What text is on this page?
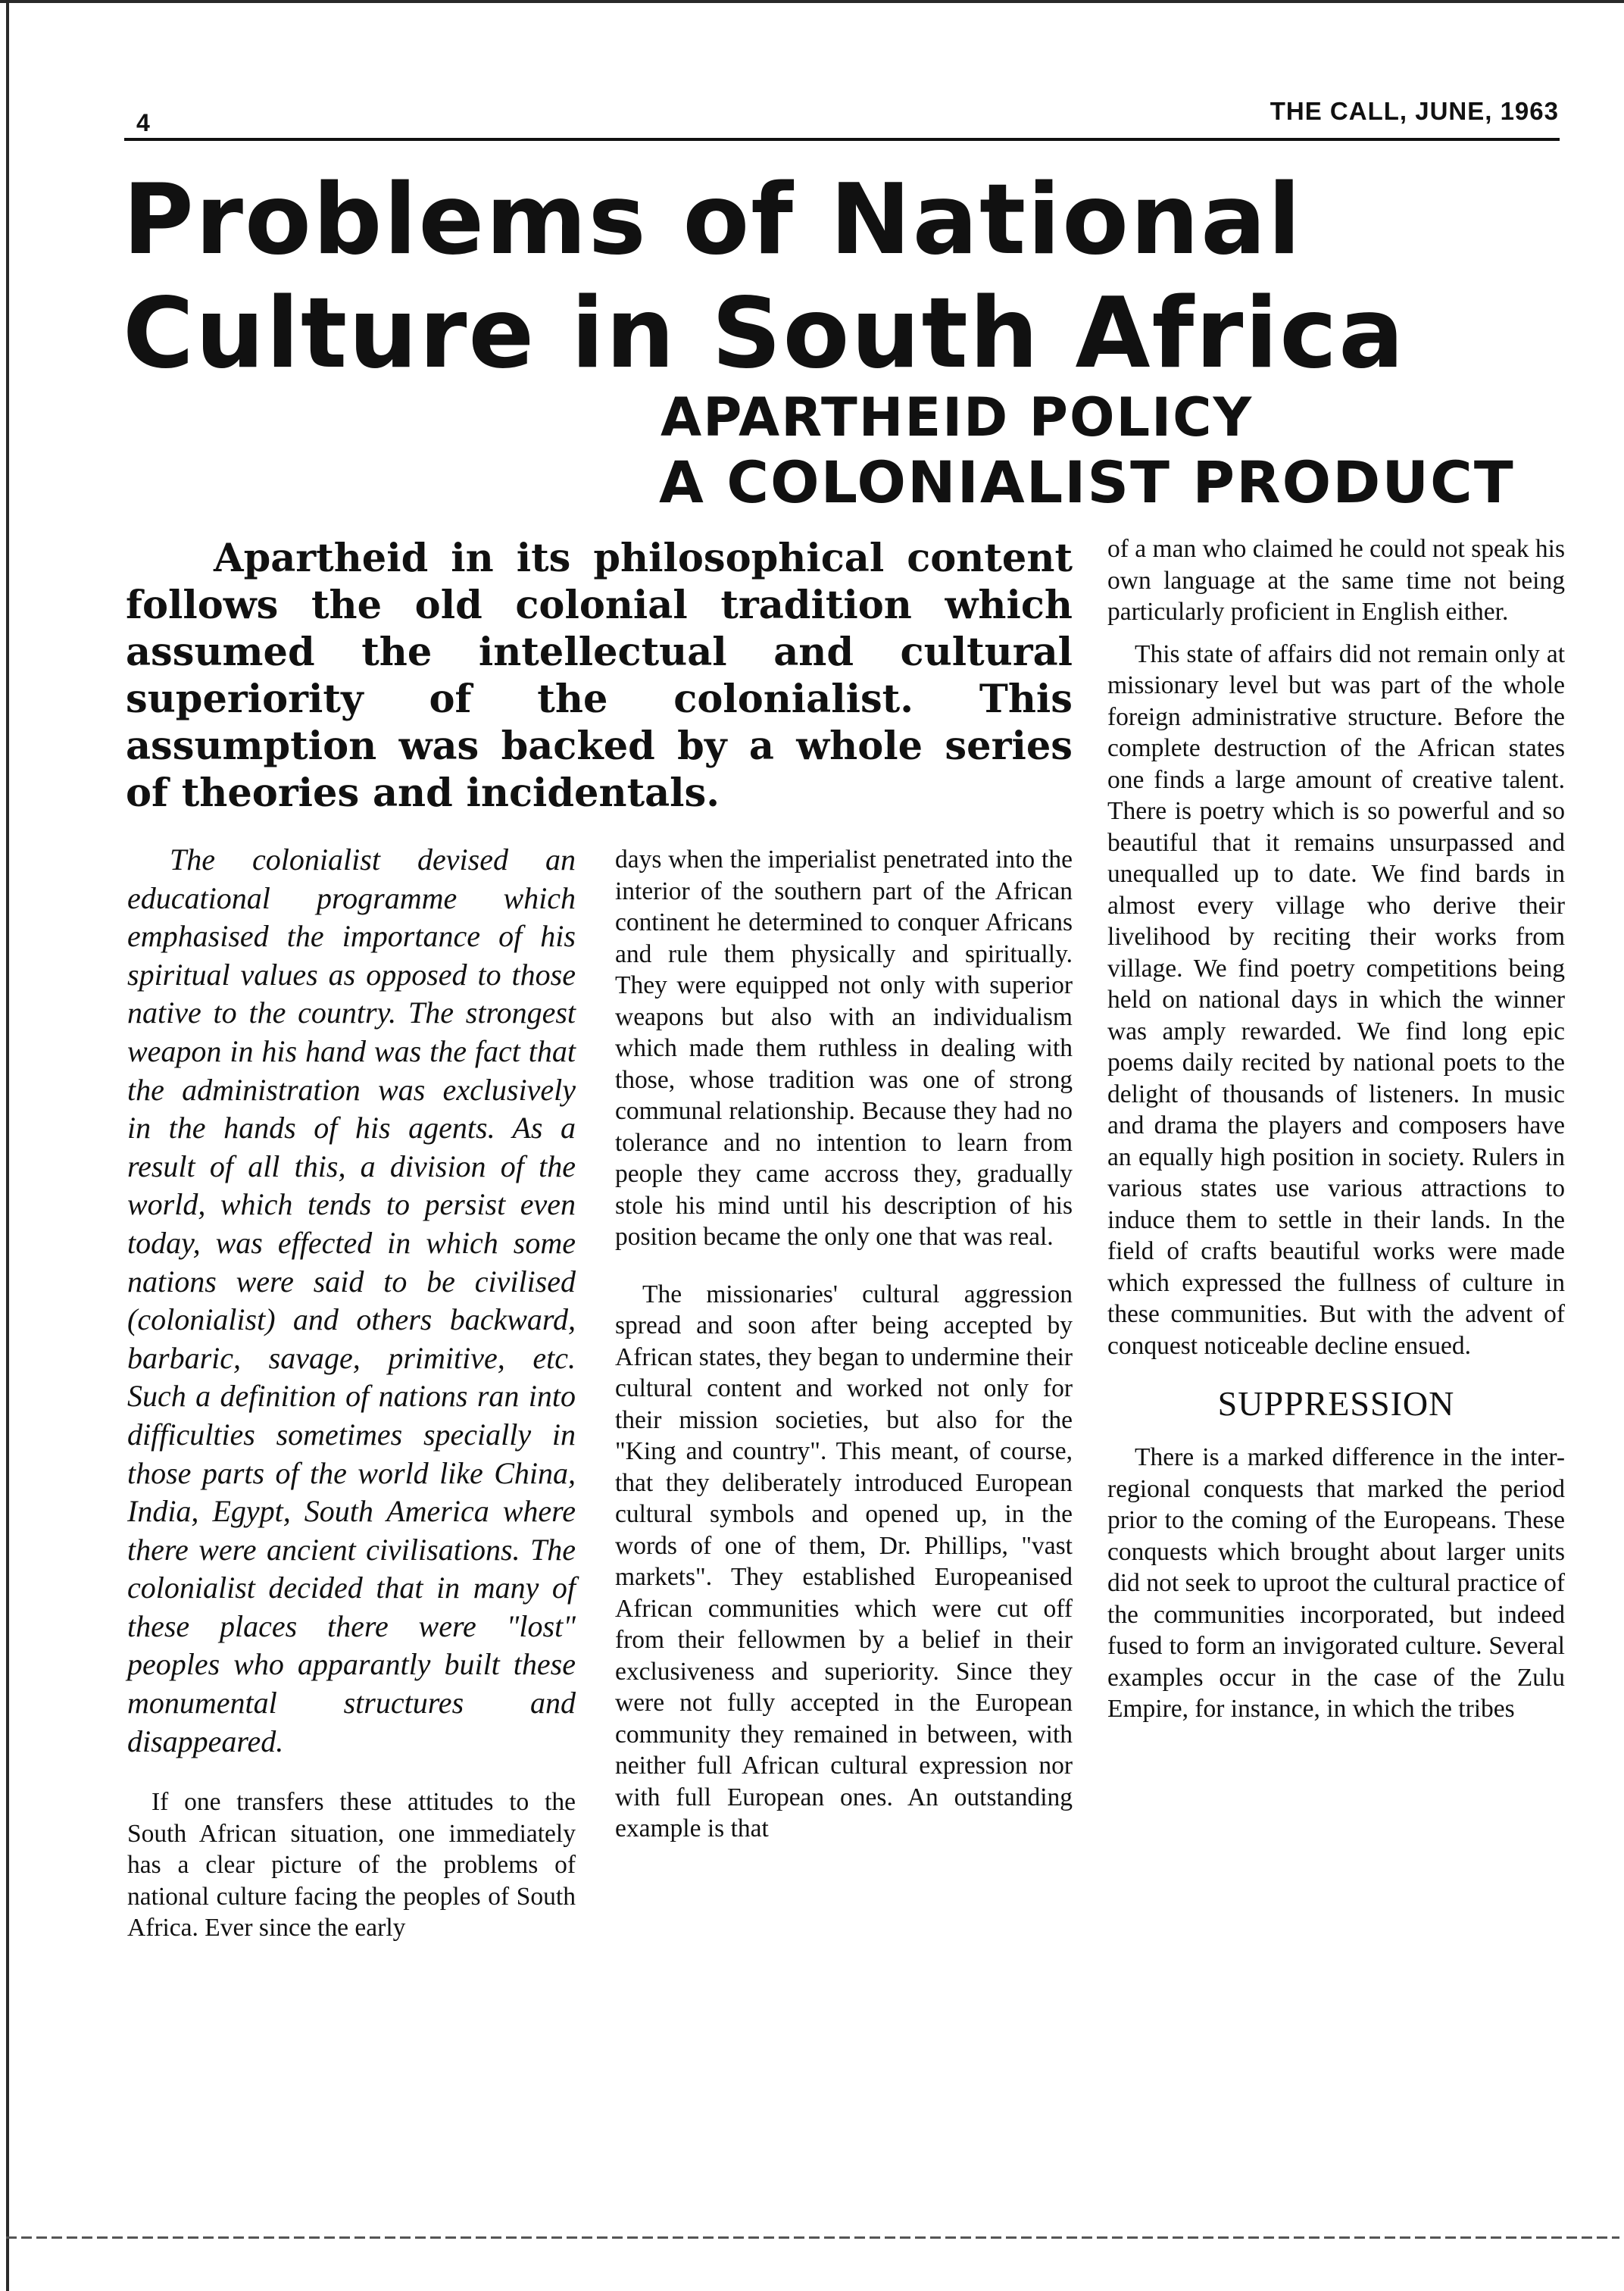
4	THE CALL, JUNE, 1963
Problems of National
Culture in South Africa
APARTHEID POLICY
A COLONIALIST PRODUCT

Apartheid in its philosophical content follows the old colonial tradition which assumed the intellectual and cultural superiority of the colonialist. This assumption was backed by a whole series of theories and incidentals.

The colonialist devised an educational programme which emphasised the importance of his spiritual values as opposed to those native to the country. The strongest weapon in his hand was the fact that the administration was exclusively in the hands of his agents. As a result of all this, a division of the world, which tends to persist even today, was effected in which some nations were said to be civilised (colonialist) and others backward, barbaric, savage, primitive, etc. Such a definition of nations ran into difficulties sometimes specially in those parts of the world like China, India, Egypt, South America where there were ancient civilisations. The colonialist decided that in many of these places there were "lost" peoples who apparantly built these monumental structures and disappeared.

If one transfers these attitudes to the South African situation, one immediately has a clear picture of the problems of national culture facing the peoples of South Africa. Ever since the early

days when the imperialist penetrated into the interior of the southern part of the African continent he determined to conquer Africans and rule them physically and spiritually. They were equipped not only with superior weapons but also with an individualism which made them ruthless in dealing with those, whose tradition was one of strong communal relationship. Because they had no tolerance and no intention to learn from people they came accross they, gradually stole his mind until his description of his position became the only one that was real.

The missionaries' cultural aggression spread and soon after being accepted by African states, they began to undermine their cultural content and worked not only for their mission societies, but also for the "King and country". This meant, of course, that they deliberately introduced European cultural symbols and opened up, in the words of one of them, Dr. Phillips, "vast markets". They established Europeanised African communities which were cut off from their fellowmen by a belief in their exclusiveness and superiority. Since they were not fully accepted in the European community they remained in between, with neither full African cultural expression nor with full European ones. An outstanding example is that

of a man who claimed he could not speak his own language at the same time not being particularly proficient in English either.

This state of affairs did not remain only at missionary level but was part of the whole foreign administrative structure. Before the complete destruction of the African states one finds a large amount of creative talent. There is poetry which is so powerful and so beautiful that it remains unsurpassed and unequalled up to date. We find bards in almost every village who derive their livelihood by reciting their works from village. We find poetry competitions being held on national days in which the winner was amply rewarded. We find long epic poems daily recited by national poets to the delight of thousands of listeners. In music and drama the players and composers have an equally high position in society. Rulers in various states use various attractions to induce them to settle in their lands. In the field of crafts beautiful works were made which expressed the fullness of culture in these communities. But with the advent of conquest noticeable decline ensued.

SUPPRESSION

There is a marked difference in the inter-regional conquests that marked the period prior to the coming of the Europeans. These conquests which brought about larger units did not seek to uproot the cultural practice of the communities incorporated, but indeed fused to form an invigorated culture. Several examples occur in the case of the Zulu Empire, for instance, in which the tribes
